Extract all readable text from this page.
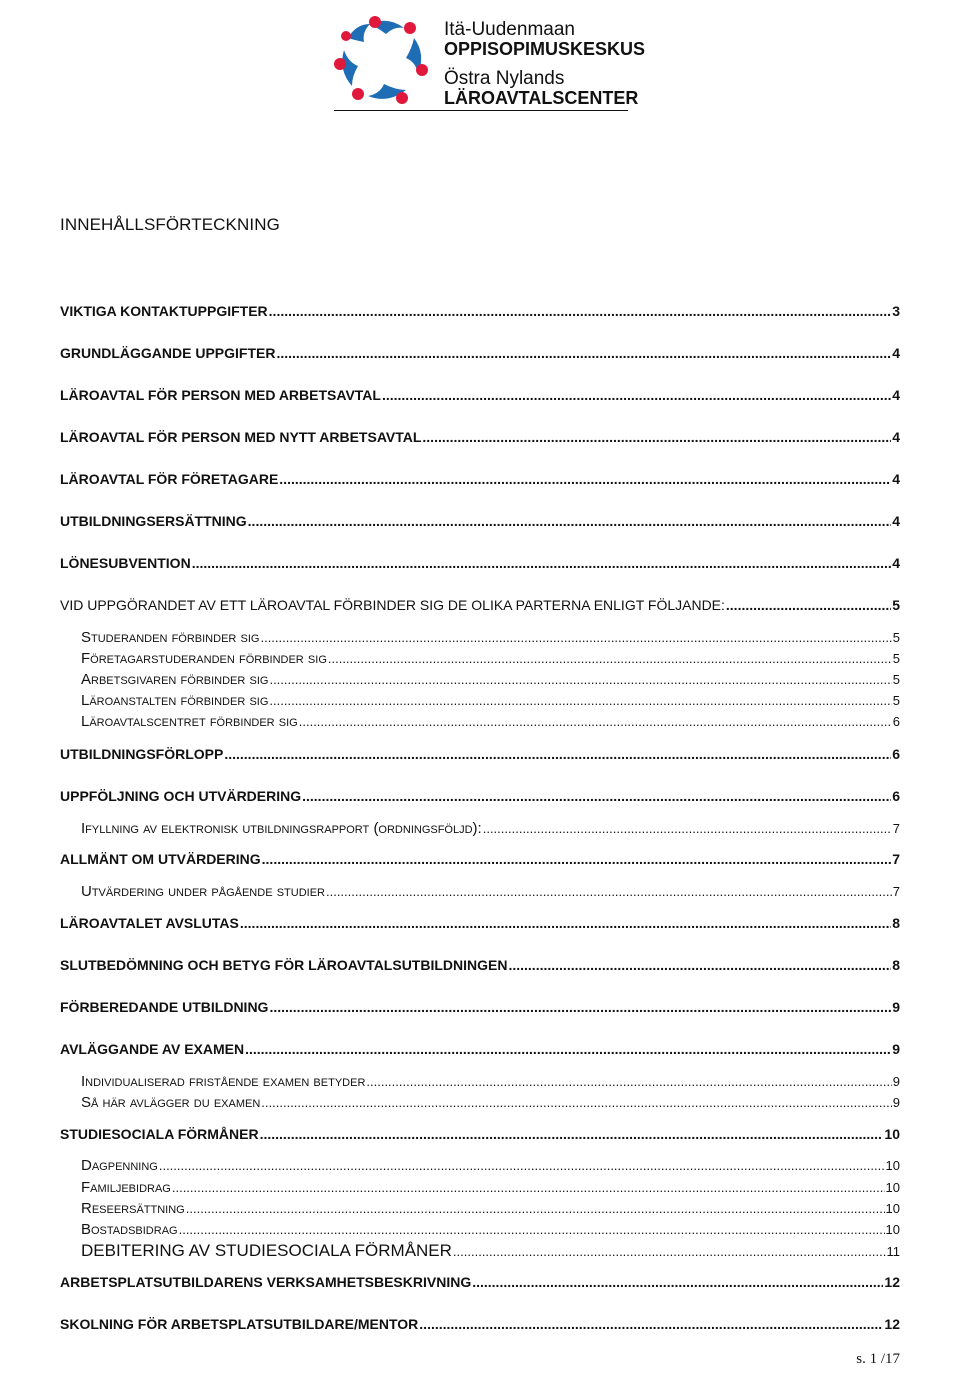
Itä-Uudenmaan
OPPISOPIMUSKESKUS
Östra Nylands
LÄROAVTALSCENTER
INNEHÅLLSFÖRTECKNING
VIKTIGA KONTAKTUPPGIFTER .....	3
GRUNDLÄGGANDE UPPGIFTER .....	4
LÄROAVTAL FÖR PERSON MED ARBETSAVTAL .....	4
LÄROAVTAL FÖR PERSON MED NYTT ARBETSAVTAL .....	4
LÄROAVTAL FÖR FÖRETAGARE .....	4
UTBILDNINGSERSÄTTNING .....	4
LÖNESUBVENTION .....	4
VID UPPGÖRANDET AV ETT LÄROAVTAL FÖRBINDER SIG DE OLIKA PARTERNA ENLIGT FÖLJANDE: .....	5
Studeranden förbinder sig .....	5
Företagarstuderanden förbinder sig .....	5
Arbetsgivaren förbinder sig .....	5
Läroanstalten förbinder sig .....	5
Läroavtalscentret förbinder sig .....	6
UTBILDNINGSFÖRLOPP .....	6
UPPFÖLJNING OCH UTVÄRDERING .....	6
Ifyllning av elektronisk utbildningsrapport (ordningsföljd): .....	7
ALLMÄNT OM UTVÄRDERING .....	7
Utvärdering under pågående studier .....	7
LÄROAVTALET AVSLUTAS .....	8
SLUTBEDÖMNING OCH BETYG FÖR LÄROAVTALSUTBILDNINGEN .....	8
FÖRBEREDANDE UTBILDNING .....	9
AVLÄGGANDE AV EXAMEN .....	9
Individualiserad fristående examen betyder .....	9
Så här avlägger du examen .....	9
STUDIESOCIALA FÖRMÅNER .....	10
Dagpenning .....	10
Familjebidrag .....	10
Reseersättning .....	10
Bostadsbidrag .....	10
DEBITERING AV STUDIESOCIALA FÖRMÅNER .....	11
ARBETSPLATSUTBILDARENS VERKSAMHETSBESKRIVNING .....	12
SKOLNING FÖR ARBETSPLATSUTBILDARE/MENTOR .....	12
s. 1 /17
